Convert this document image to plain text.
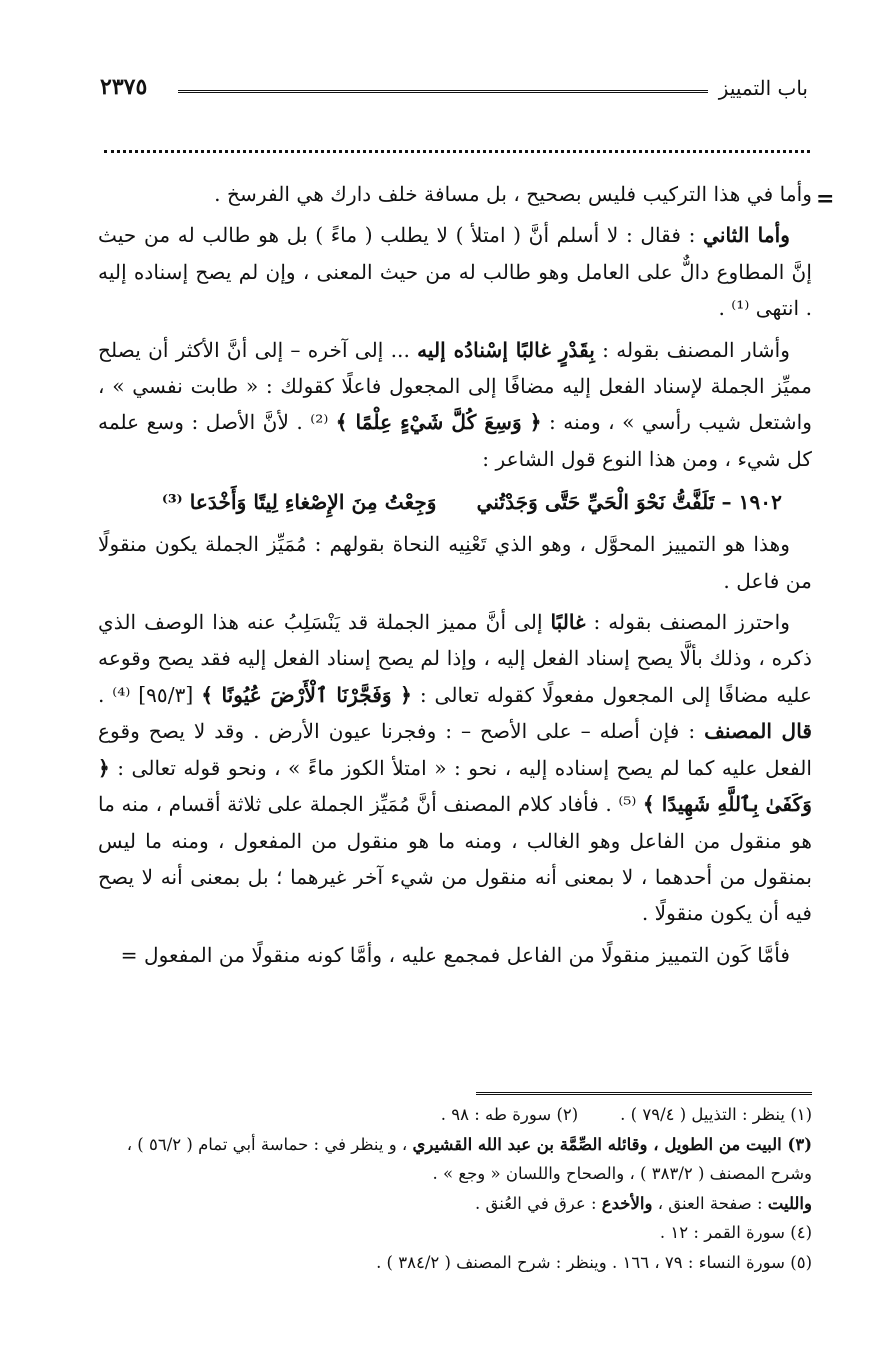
باب التمييز
٢٣٧٥
=

وأما في هذا التركيب فليس بصحيح ، بل مسافة خلف دارك هي الفرسخ .

وأما الثاني : فقال : لا أسلم أنَّ ( امتلأ ) لا يطلب ( ماءً ) بل هو طالب له من حيث إنَّ المطاوع دالٌّ على العامل وهو طالب له من حيث المعنى ، وإن لم يصح إسناده إليه . انتهى ⁽¹⁾ .

وأشار المصنف بقوله : بِقَدْرٍ غالبًا إسْنادُه إليه ... إلى آخره – إلى أنَّ الأكثر أن يصلح مميِّز الجملة لإسناد الفعل إليه مضافًا إلى المجعول فاعلًا كقولك : « طابت نفسي » ، واشتعل شيب رأسي » ، ومنه : ﴿ وَسِعَ كُلَّ شَيْءٍ عِلْمًا ﴾ ⁽²⁾ . لأنَّ الأصل : وسع علمه كل شيء ، ومن هذا النوع قول الشاعر :

١٩٠٢ – تَلَفَّتُّ نَحْوَ الْحَيِّ حَتَّى وَجَدْتُني
وَجِعْتُ مِنَ الإِصْغاءِ لِيتًا وَأَخْدَعا ⁽³⁾

وهذا هو التمييز المحوَّل ، وهو الذي تَعْنِيه النحاة بقولهم : مُمَيِّز الجملة يكون منقولًا من فاعل .

واحترز المصنف بقوله : غالبًا إلى أنَّ مميز الجملة قد يَنْسَلِبُ عنه هذا الوصف الذي ذكره ، وذلك بألَّا يصح إسناد الفعل إليه ، وإذا لم يصح إسناد الفعل إليه فقد يصح وقوعه عليه مضافًا إلى المجعول مفعولًا كقوله تعالى : ﴿ وَفَجَّرْنَا ٱلْأَرْضَ عُيُونًا ﴾ [٩٥/٣] ⁽⁴⁾ . قال المصنف : فإن أصله – على الأصح – : وفجرنا عيون الأرض . وقد لا يصح وقوع الفعل عليه كما لم يصح إسناده إليه ، نحو : « امتلأ الكوز ماءً » ، ونحو قوله تعالى : ﴿ وَكَفَىٰ بِٱللَّهِ شَهِيدًا ﴾ ⁽⁵⁾ . فأفاد كلام المصنف أنَّ مُمَيِّز الجملة على ثلاثة أقسام ، منه ما هو منقول من الفاعل وهو الغالب ، ومنه ما هو منقول من المفعول ، ومنه ما ليس بمنقول من أحدهما ، لا بمعنى أنه منقول من شيء آخر غيرهما ؛ بل بمعنى أنه لا يصح فيه أن يكون منقولًا .

فأمَّا كَون التمييز منقولًا من الفاعل فمجمع عليه ، وأمَّا كونه منقولًا من المفعول =

(١) ينظر : التذييل ( ٧٩/٤ ) .        (٢) سورة طه : ٩٨ .
(٣) البيت من الطويل ، وقائله الصِّمَّة بن عبد الله القشيري ، و ينظر في : حماسة أبي تمام ( ٥٦/٢ ) ،
وشرح المصنف ( ٣٨٣/٢ ) ، والصحاح واللسان « وجع » .
والليت : صفحة العنق ، والأخدع : عرق في العُنق .
(٤) سورة القمر : ١٢ .
(٥) سورة النساء : ٧٩ ، ١٦٦ . وينظر : شرح المصنف ( ٣٨٤/٢ ) .
